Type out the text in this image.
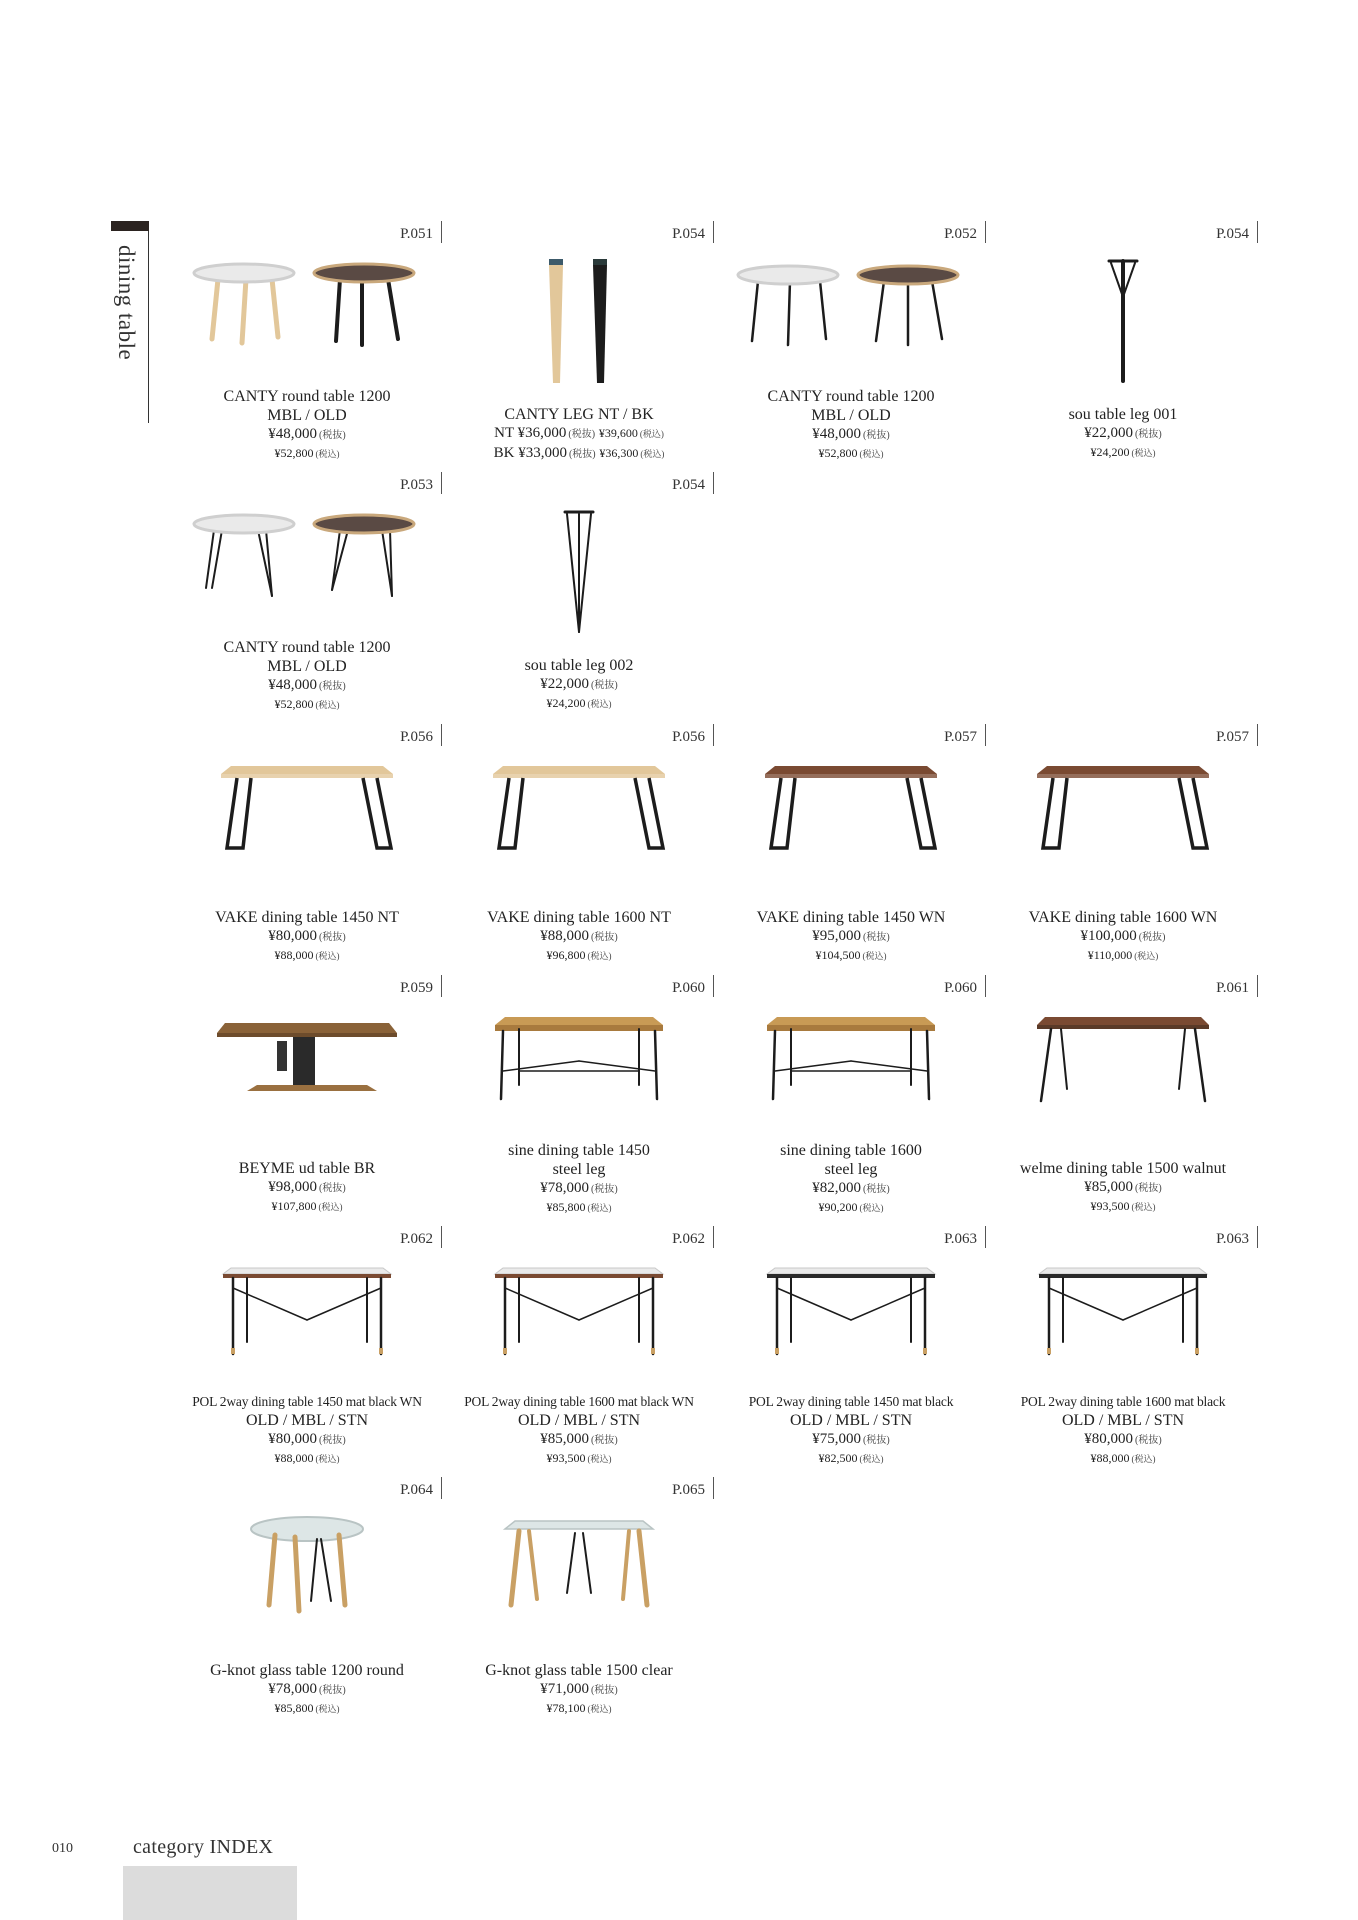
dining table
P.051
CANTY round table 1200
MBL / OLD
¥48,000 (税抜)
¥52,800 (税込)
P.054
CANTY LEG NT / BK
NT ¥36,000 (税抜) ¥39,600 (税込)
BK ¥33,000 (税抜) ¥36,300 (税込)
P.052
CANTY round table 1200
MBL / OLD
¥48,000 (税抜)
¥52,800 (税込)
P.054
sou table leg 001
¥22,000 (税抜)
¥24,200 (税込)
P.053
CANTY round table 1200
MBL / OLD
¥48,000 (税抜)
¥52,800 (税込)
P.054
sou table leg 002
¥22,000 (税抜)
¥24,200 (税込)
P.056
VAKE dining table 1450 NT
¥80,000 (税抜)
¥88,000 (税込)
P.056
VAKE dining table 1600 NT
¥88,000 (税抜)
¥96,800 (税込)
P.057
VAKE dining table 1450 WN
¥95,000 (税抜)
¥104,500 (税込)
P.057
VAKE dining table 1600 WN
¥100,000 (税抜)
¥110,000 (税込)
P.059
BEYME ud table BR
¥98,000 (税抜)
¥107,800 (税込)
P.060
sine dining table 1450
steel leg
¥78,000 (税抜)
¥85,800 (税込)
P.060
sine dining table 1600
steel leg
¥82,000 (税抜)
¥90,200 (税込)
P.061
welme dining table 1500 walnut
¥85,000 (税抜)
¥93,500 (税込)
P.062
POL 2way dining table 1450 mat black WN
OLD / MBL / STN
¥80,000 (税抜)
¥88,000 (税込)
P.062
POL 2way dining table 1600 mat black WN
OLD / MBL / STN
¥85,000 (税抜)
¥93,500 (税込)
P.063
POL 2way dining table 1450 mat black
OLD / MBL / STN
¥75,000 (税抜)
¥82,500 (税込)
P.063
POL 2way dining table 1600 mat black
OLD / MBL / STN
¥80,000 (税抜)
¥88,000 (税込)
P.064
G-knot glass table 1200 round
¥78,000 (税抜)
¥85,800 (税込)
P.065
G-knot glass table 1500 clear
¥71,000 (税抜)
¥78,100 (税込)
010	category INDEX
